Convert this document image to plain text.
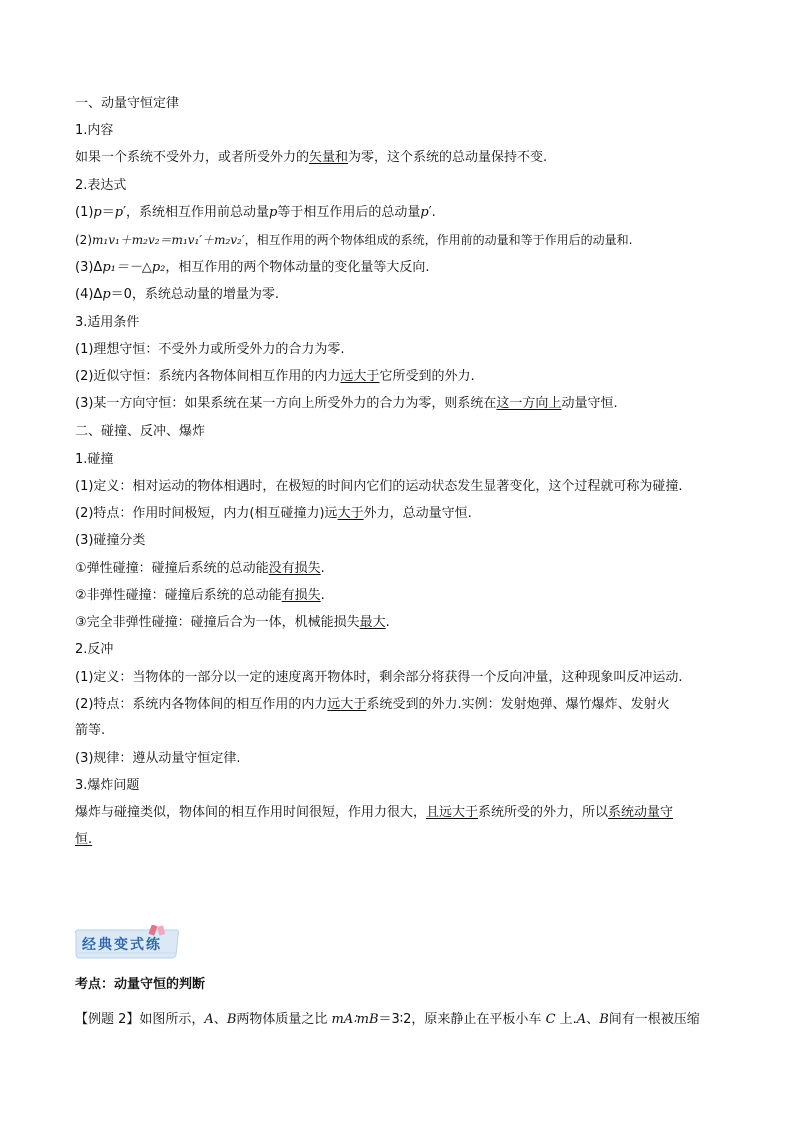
一、动量守恒定律
1.内容
如果一个系统不受外力，或者所受外力的矢量和为零，这个系统的总动量保持不变.
2.表达式
(1)p＝p′，系统相互作用前总动量p等于相互作用后的总动量p′.
(2)m₁v₁＋m₂v₂＝m₁v₁′＋m₂v₂′，相互作用的两个物体组成的系统，作用前的动量和等于作用后的动量和.
(3)Δp₁＝－△p₂，相互作用的两个物体动量的变化量等大反向.
(4)Δp＝0，系统总动量的增量为零.
3.适用条件
(1)理想守恒：不受外力或所受外力的合力为零.
(2)近似守恒：系统内各物体间相互作用的内力远大于它所受到的外力.
(3)某一方向守恒：如果系统在某一方向上所受外力的合力为零，则系统在这一方向上动量守恒.
二、碰撞、反冲、爆炸
1.碰撞
(1)定义：相对运动的物体相遇时，在极短的时间内它们的运动状态发生显著变化，这个过程就可称为碰撞.
(2)特点：作用时间极短，内力(相互碰撞力)远大于外力，总动量守恒.
(3)碰撞分类
①弹性碰撞：碰撞后系统的总动能没有损失.
②非弹性碰撞：碰撞后系统的总动能有损失.
③完全非弹性碰撞：碰撞后合为一体，机械能损失最大.
2.反冲
(1)定义：当物体的一部分以一定的速度离开物体时，剩余部分将获得一个反向冲量，这种现象叫反冲运动.
(2)特点：系统内各物体间的相互作用的内力远大于系统受到的外力.实例：发射炮弹、爆竹爆炸、发射火
箭等.
(3)规律：遵从动量守恒定律.
3.爆炸问题
爆炸与碰撞类似，物体间的相互作用时间很短，作用力很大，且远大于系统所受的外力，所以系统动量守
恒.
经典变式练
考点：动量守恒的判断
【例题 2】如图所示，A、B两物体质量之比 mA∶mB＝3∶2，原来静止在平板小车 C 上.A、B间有一根被压缩
